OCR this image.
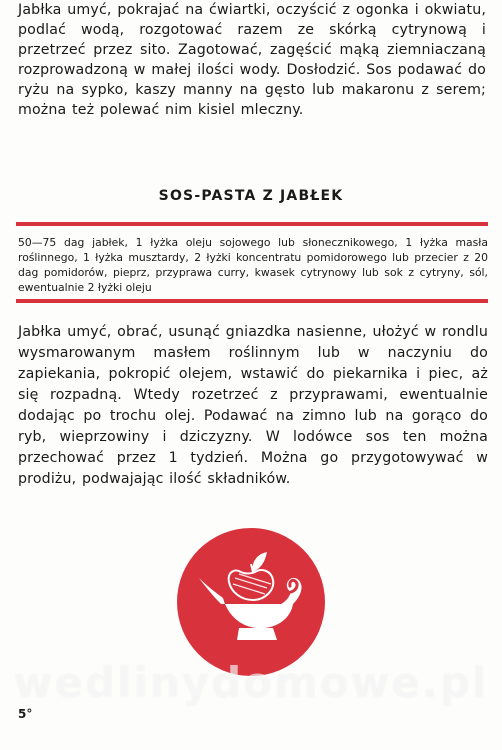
Jabłka umyć, pokrajać na ćwiartki, oczyścić z ogonka i okwiatu, podlać wodą, rozgotować razem ze skórką cytrynową i przetrzeć przez sito. Zagotować, zagęścić mąką ziemniaczaną rozprowadzoną w małej ilości wody. Dosłodzić. Sos podawać do ryżu na sypko, kaszy manny na gęsto lub makaronu z serem; można też polewać nim kisiel mleczny.

SOS-PASTA Z JABŁEK

50—75 dag jabłek, 1 łyżka oleju sojowego lub słonecznikowego, 1 łyżka masła roślinnego, 1 łyżka musztardy, 2 łyżki koncentratu pomidorowego lub przecier z 20 dag pomidorów, pieprz, przyprawa curry, kwasek cytrynowy lub sok z cytryny, sól, ewentualnie 2 łyżki oleju

Jabłka umyć, obrać, usunąć gniazdka nasienne, ułożyć w rondlu wysmarowanym masłem roślinnym lub w naczyniu do zapiekania, pokropić olejem, wstawić do piekarnika i piec, aż się rozpadną. Wtedy rozetrzeć z przyprawami, ewentualnie dodając po trochu olej. Podawać na zimno lub na gorąco do ryb, wieprzowiny i dziczyzny. W lodówce sos ten można przechować przez 1 tydzień. Można go przygotowywać w prodiżu, podwajając ilość składników.

wedlinydomowe.pl
5°
